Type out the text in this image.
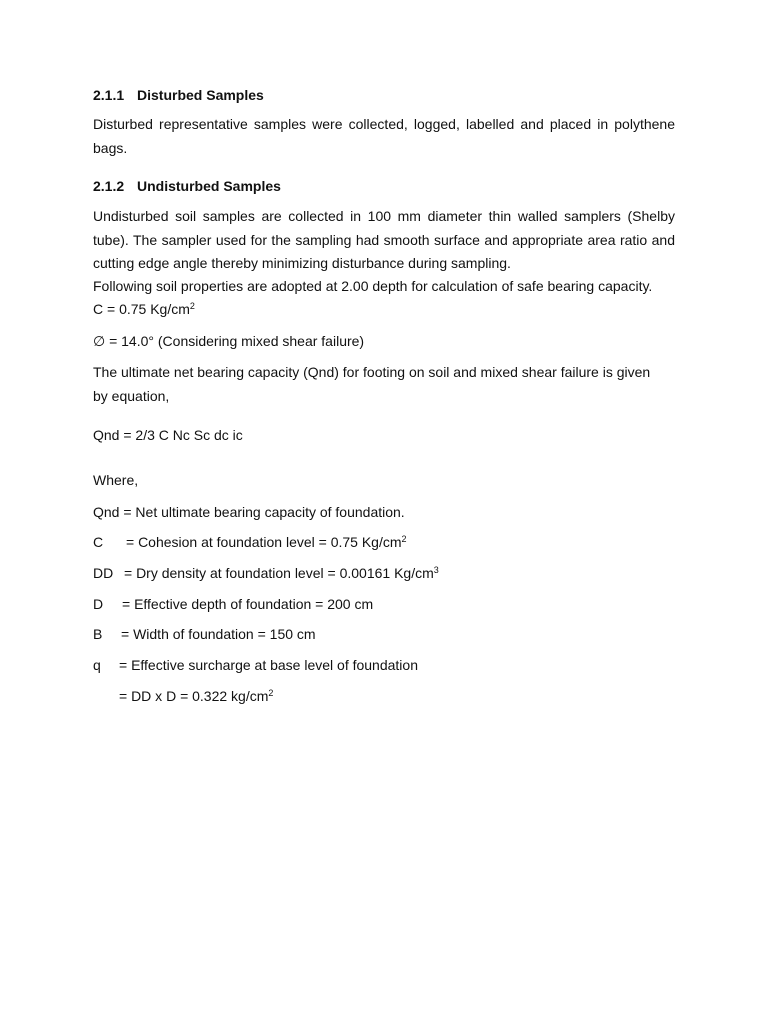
2.1.1 Disturbed Samples
Disturbed representative samples were collected, logged, labelled and placed in polythene bags.
2.1.2 Undisturbed Samples
Undisturbed soil samples are collected in 100 mm diameter thin walled samplers (Shelby tube). The sampler used for the sampling had smooth surface and appropriate area ratio and cutting edge angle thereby minimizing disturbance during sampling.
Following soil properties are adopted at 2.00 depth for calculation of safe bearing capacity.
C = 0.75 $Kg/cm^2$
∅ = 14.0° (Considering mixed shear failure)
The ultimate net bearing capacity (Qnd) for footing on soil and mixed shear failure is given by equation,
Qnd = 2/3 C Nc Sc dc ic
Where,
Qnd = Net ultimate bearing capacity of foundation.
C = Cohesion at foundation level = 0.75 $Kg/cm^2$
DD = Dry density at foundation level = 0.00161 $Kg/cm^3$
D = Effective depth of foundation = 200 cm
B = Width of foundation = 150 cm
q = Effective surcharge at base level of foundation
= DD x D = 0.322 $kg/cm^2$
